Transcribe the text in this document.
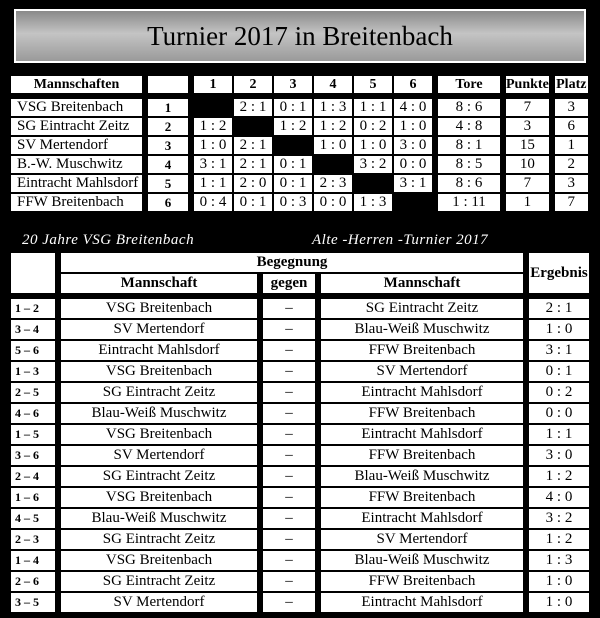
Turnier 2017 in Breitenbach
Mannschaften				1	2	3	4	5	6		Tore		Punkte		Platz

VSG Breitenbach		1			2 : 1	0 : 1	1 : 3	1 : 1	4 : 0		8 : 6		7		3
SG Eintracht Zeitz		2		1 : 2		1 : 2	1 : 2	0 : 2	1 : 0		4 : 8		3		6
SV Mertendorf		3		1 : 0	2 : 1		1 : 0	1 : 0	3 : 0		8 : 1		15		1
B.-W. Muschwitz		4		3 : 1	2 : 1	0 : 1		3 : 2	0 : 0		8 : 5		10		2
Eintracht Mahlsdorf		5		1 : 1	2 : 0	0 : 1	2 : 3		3 : 1		8 : 6		7		3
FFW Breitenbach		6		0 : 4	0 : 1	0 : 3	0 : 0	1 : 3			1 : 11		1		7
20 Jahre VSG Breitenbach	Alte -Herren -Turnier 2017
		Begegnung						Ergebnis
		Mannschaft		gegen		Mannschaft		

1 – 2		VSG Breitenbach		–		SG Eintracht Zeitz		2 : 1
3 – 4		SV Mertendorf		–		Blau-Weiß Muschwitz		1 : 0
5 – 6		Eintracht Mahlsdorf		–		FFW Breitenbach		3 : 1
1 – 3		VSG Breitenbach		–		SV Mertendorf		0 : 1
2 – 5		SG Eintracht Zeitz		–		Eintracht Mahlsdorf		0 : 2
4 – 6		Blau-Weiß Muschwitz		–		FFW Breitenbach		0 : 0
1 – 5		VSG Breitenbach		–		Eintracht Mahlsdorf		1 : 1
3 – 6		SV Mertendorf		–		FFW Breitenbach		3 : 0
2 – 4		SG Eintracht Zeitz		–		Blau-Weiß Muschwitz		1 : 2
1 – 6		VSG Breitenbach		–		FFW Breitenbach		4 : 0
4 – 5		Blau-Weiß Muschwitz		–		Eintracht Mahlsdorf		3 : 2
2 – 3		SG Eintracht Zeitz		–		SV Mertendorf		1 : 2
1 – 4		VSG Breitenbach		–		Blau-Weiß Muschwitz		1 : 3
2 – 6		SG Eintracht Zeitz		–		FFW Breitenbach		1 : 0
3 – 5		SV Mertendorf		–		Eintracht Mahlsdorf		1 : 0
